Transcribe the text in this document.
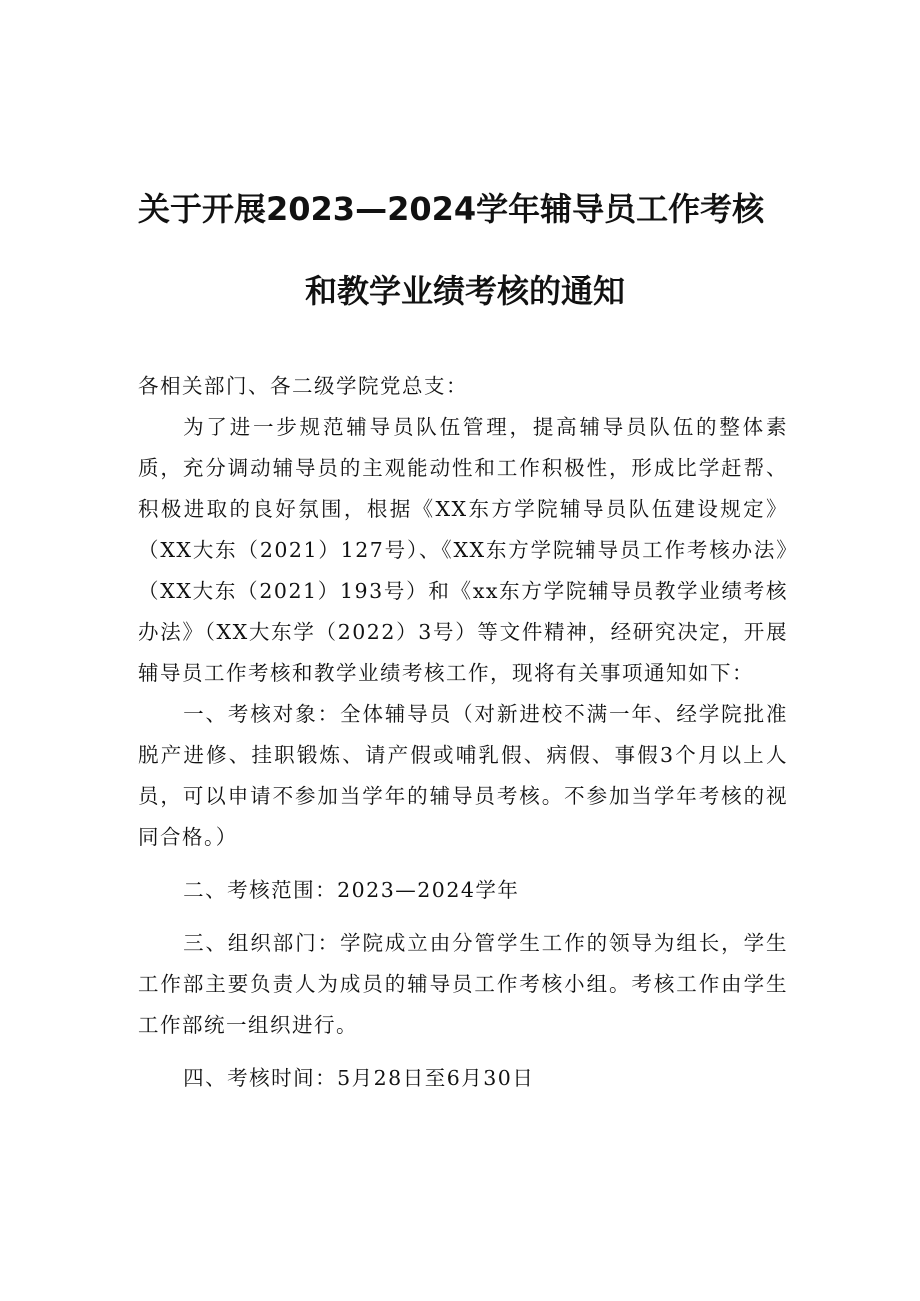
关于开展2023—2024学年辅导员工作考核
和教学业绩考核的通知

各相关部门、各二级学院党总支：

为了进一步规范辅导员队伍管理，提高辅导员队伍的整体素质，充分调动辅导员的主观能动性和工作积极性，形成比学赶帮、积极进取的良好氛围，根据《XX东方学院辅导员队伍建设规定》（XX大东（2021）127号）、《XX东方学院辅导员工作考核办法》（XX大东（2021）193号）和《xx东方学院辅导员教学业绩考核办法》（XX大东学（2022）3号）等文件精神，经研究决定，开展辅导员工作考核和教学业绩考核工作，现将有关事项通知如下：

一、考核对象：全体辅导员（对新进校不满一年、经学院批准脱产进修、挂职锻炼、请产假或哺乳假、病假、事假3个月以上人员，可以申请不参加当学年的辅导员考核。不参加当学年考核的视同合格。）

二、考核范围：2023—2024学年

三、组织部门：学院成立由分管学生工作的领导为组长，学生工作部主要负责人为成员的辅导员工作考核小组。考核工作由学生工作部统一组织进行。

四、考核时间：5月28日至6月30日
